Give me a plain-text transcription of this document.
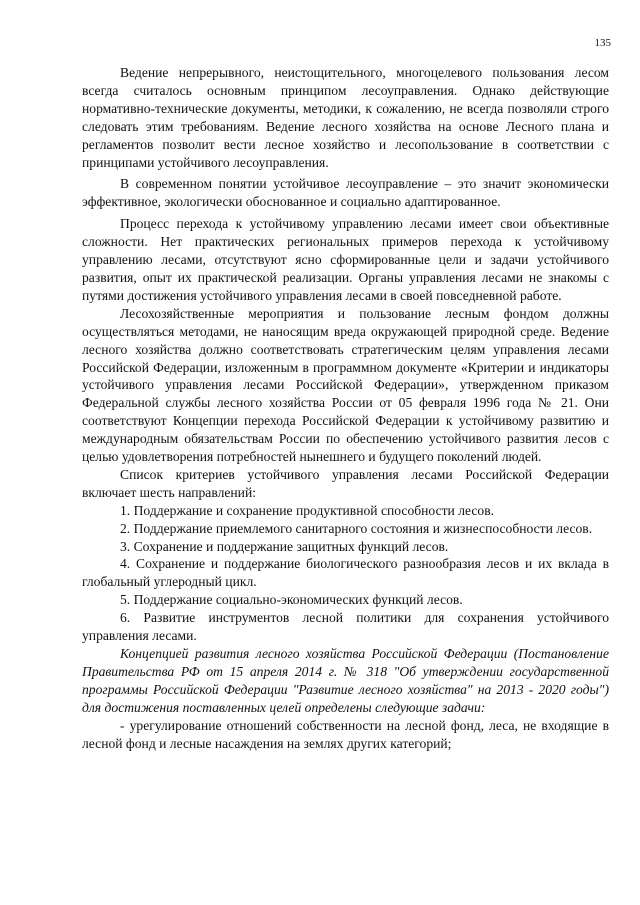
135

Ведение непрерывного, неистощительного, многоцелевого пользования лесом всегда считалось основным принципом лесоуправления. Однако действующие нормативно-технические документы, методики, к сожалению, не всегда позволяли строго следовать этим требованиям. Ведение лесного хозяйства на основе Лесного плана и регламентов позволит вести лесное хозяйство и лесопользование в соответствии с принципами устойчивого лесоуправления.

В современном понятии устойчивое лесоуправление – это значит экономически эффективное, экологически обоснованное и социально адаптированное.

Процесс перехода к устойчивому управлению лесами имеет свои объективные сложности. Нет практических региональных примеров перехода к устойчивому управлению лесами, отсутствуют ясно сформированные цели и задачи устойчивого развития, опыт их практической реализации. Органы управления лесами не знакомы с путями достижения устойчивого управления лесами в своей повседневной работе.

Лесохозяйственные мероприятия и пользование лесным фондом должны осуществляться методами, не наносящим вреда окружающей природной среде. Ведение лесного хозяйства должно соответствовать стратегическим целям управления лесами Российской Федерации, изложенным в программном документе «Критерии и индикаторы устойчивого управления лесами Российской Федерации», утвержденном приказом Федеральной службы лесного хозяйства России от 05 февраля 1996 года № 21. Они соответствуют Концепции перехода Российской Федерации к устойчивому развитию и международным обязательствам России по обеспечению устойчивого развития лесов с целью удовлетворения потребностей нынешнего и будущего поколений людей.

Список критериев устойчивого управления лесами Российской Федерации включает шесть направлений:

1. Поддержание и сохранение продуктивной способности лесов.

2. Поддержание приемлемого санитарного состояния и жизнеспособности лесов.

3. Сохранение и поддержание защитных функций лесов.

4. Сохранение и поддержание биологического разнообразия лесов и их вклада в глобальный углеродный цикл.

5. Поддержание социально-экономических функций лесов.

6. Развитие инструментов лесной политики для сохранения устойчивого управления лесами.

Концепцией развития лесного хозяйства Российской Федерации (Постановление Правительства РФ от 15 апреля 2014 г. № 318 "Об утверждении государственной программы Российской Федерации "Развитие лесного хозяйства" на 2013 - 2020 годы") для достижения поставленных целей определены следующие задачи:

- урегулирование отношений собственности на лесной фонд, леса, не входящие в лесной фонд и лесные насаждения на землях других категорий;
